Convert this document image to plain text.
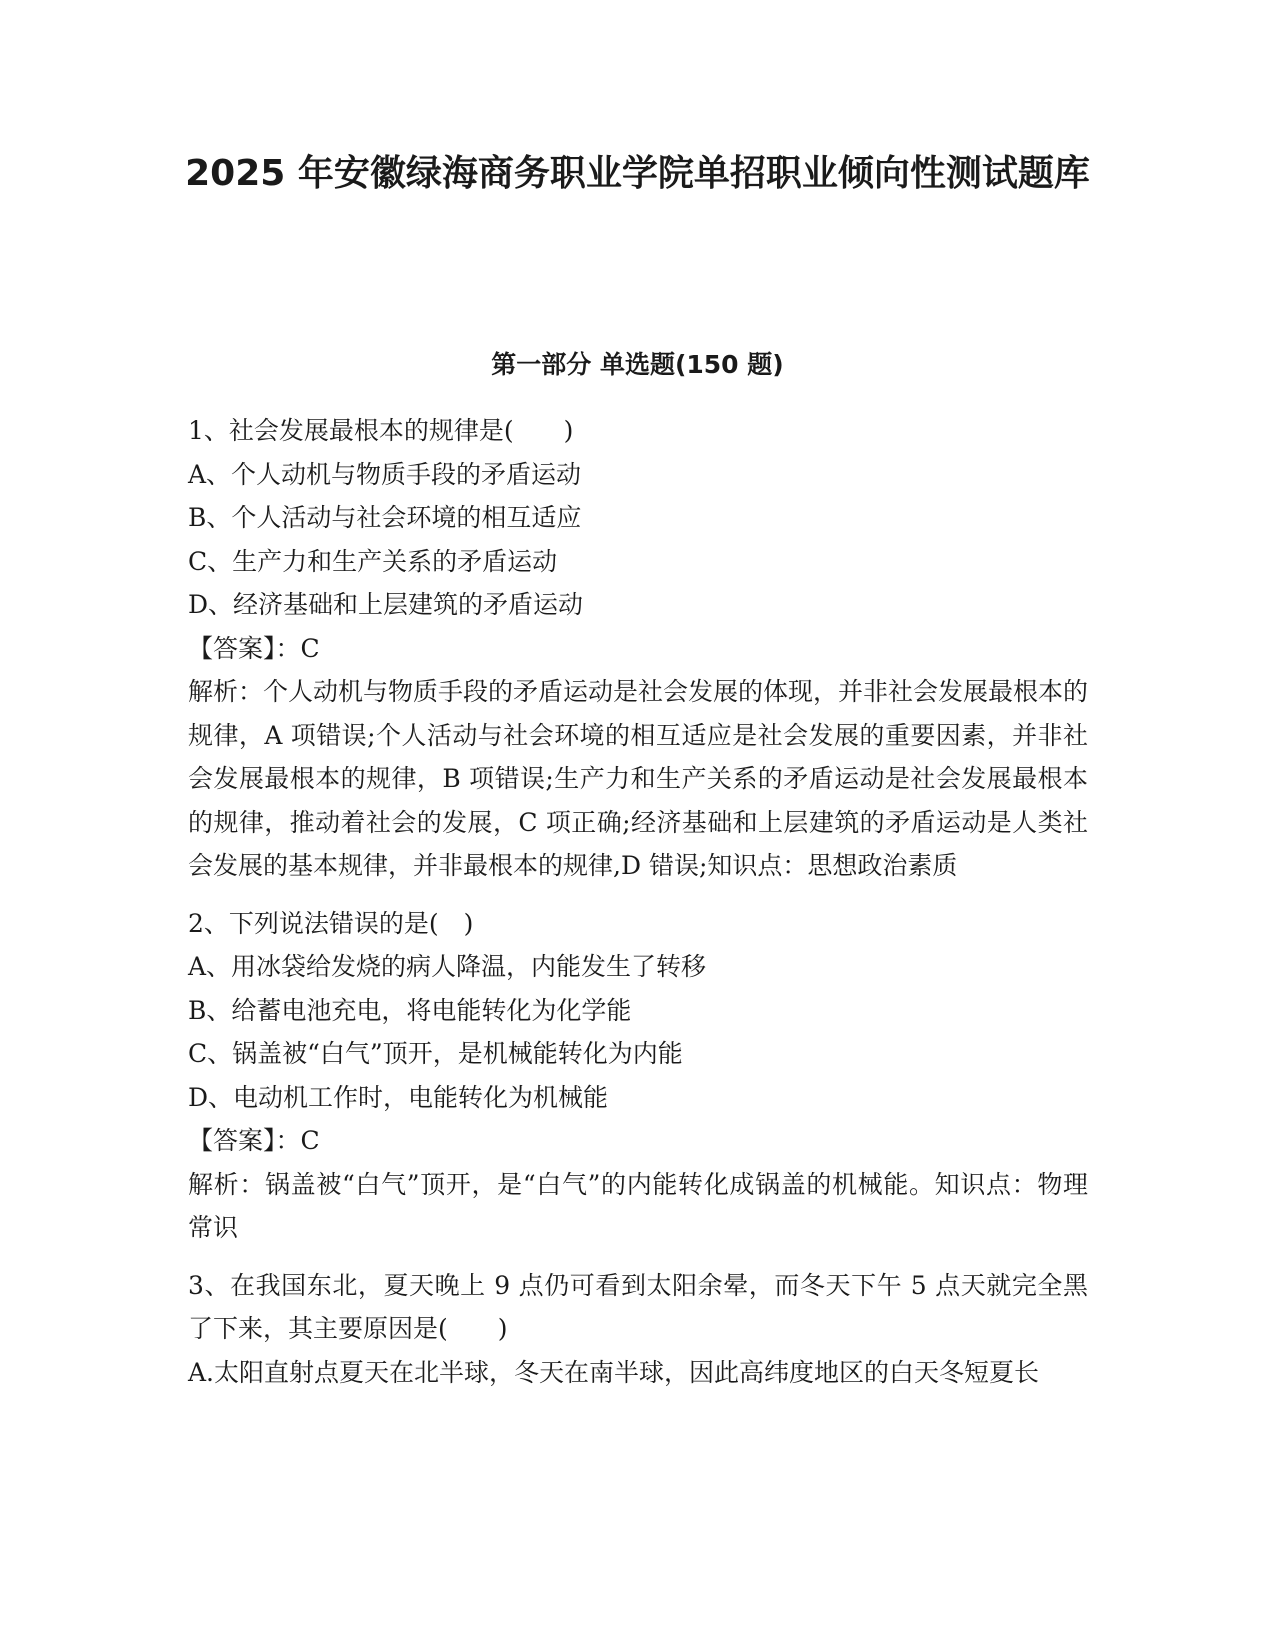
2025 年安徽绿海商务职业学院单招职业倾向性测试题库
第一部分 单选题(150 题)
1、社会发展最根本的规律是(　　)
A、个人动机与物质手段的矛盾运动
B、个人活动与社会环境的相互适应
C、生产力和生产关系的矛盾运动
D、经济基础和上层建筑的矛盾运动
【答案】：C
解析：个人动机与物质手段的矛盾运动是社会发展的体现，并非社会发展最根本的规律，A 项错误;个人活动与社会环境的相互适应是社会发展的重要因素，并非社会发展最根本的规律，B 项错误;生产力和生产关系的矛盾运动是社会发展最根本的规律，推动着社会的发展，C 项正确;经济基础和上层建筑的矛盾运动是人类社会发展的基本规律，并非最根本的规律,D 错误;知识点：思想政治素质
2、下列说法错误的是(　)
A、用冰袋给发烧的病人降温，内能发生了转移
B、给蓄电池充电，将电能转化为化学能
C、锅盖被“白气”顶开，是机械能转化为内能
D、电动机工作时，电能转化为机械能
【答案】：C
解析：锅盖被“白气”顶开，是“白气”的内能转化成锅盖的机械能。知识点：物理常识
3、在我国东北，夏天晚上 9 点仍可看到太阳余晕，而冬天下午 5 点天就完全黑了下来，其主要原因是(　　)
A.太阳直射点夏天在北半球，冬天在南半球，因此高纬度地区的白天冬短夏长
